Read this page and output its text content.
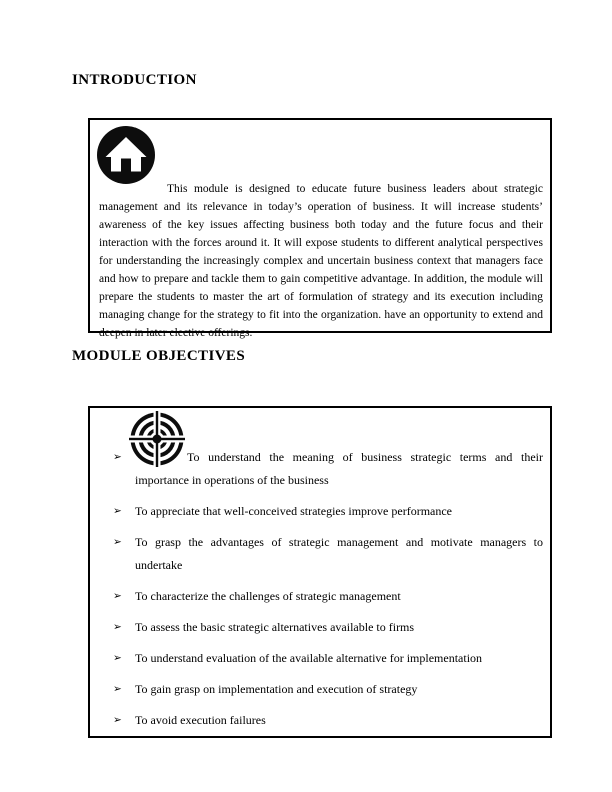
INTRODUCTION

This module is designed to educate future business leaders about strategic management and its relevance in today’s operation of business. It will increase students’ awareness of the key issues affecting business both today and the future focus and their interaction with the forces around it. It will expose students to different analytical perspectives for understanding the increasingly complex and uncertain business context that managers face and how to prepare and tackle them to gain competitive advantage. In addition, the module will prepare the students to master the art of formulation of strategy and its execution including managing change for the strategy to fit into the organization. have an opportunity to extend and deepen in later elective offerings.

MODULE OBJECTIVES
➢	To understand the meaning of business strategic terms and their importance in operations of the business
➢	To appreciate that well-conceived strategies improve performance
➢	To grasp the advantages of strategic management and motivate managers to undertake
➢	To characterize the challenges of strategic management
➢	To assess the basic strategic alternatives available to firms
➢	To understand evaluation of the available alternative for implementation
➢	To gain grasp on implementation and execution of strategy
➢	To avoid execution failures
